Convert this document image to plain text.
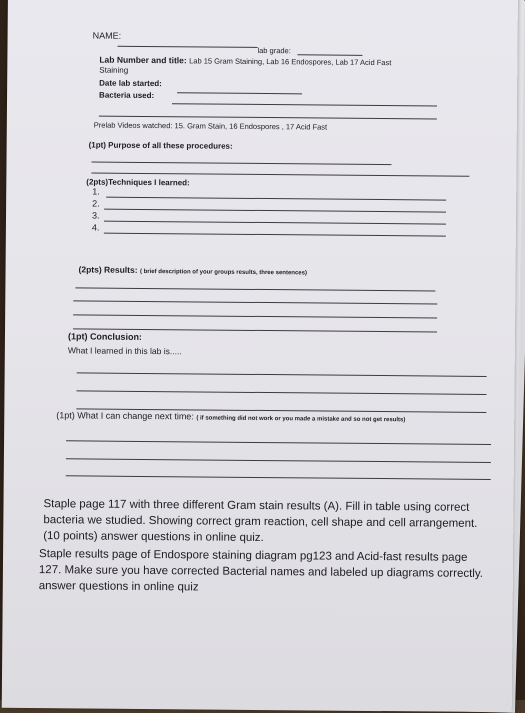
NAME:
lab grade:
Lab Number and title: Lab 15 Gram Staining, Lab 16 Endospores, Lab 17 Acid Fast
Staining
Date lab started:
Bacteria used:
Prelab Videos watched: 15. Gram Stain, 16 Endospores , 17 Acid Fast
(1pt) Purpose of all these procedures:
(2pts)Techniques I learned:
1.
2.
3.
4.
(2pts) Results: ( brief description of your groups results, three sentences)
(1pt) Conclusion:
What I learned in this lab is.....
(1pt) What I can change next time: ( if something did not work or you made a mistake and so not get results)
Staple page 117 with three different Gram stain results (A). Fill in table using correct
bacteria we studied. Showing correct gram reaction, cell shape and cell arrangement.
(10 points) answer questions in online quiz.
Staple results page of Endospore staining diagram pg123 and Acid-fast results page
127. Make sure you have corrected Bacterial names and labeled up diagrams correctly.
answer questions in online quiz
